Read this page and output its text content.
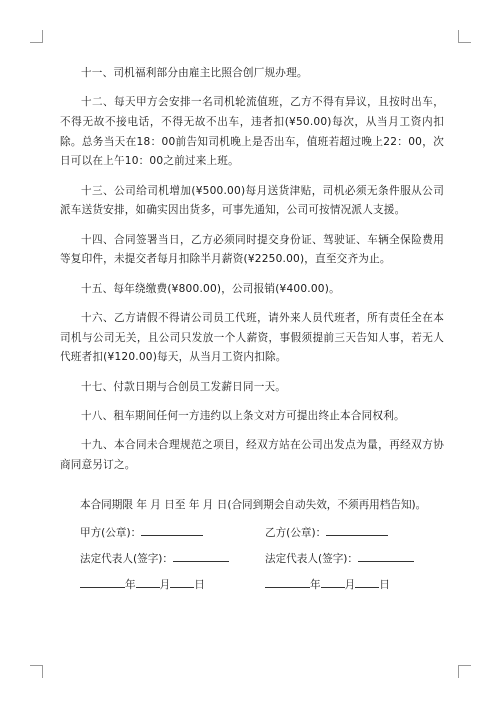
十一、司机福利部分由雇主比照合创厂规办理。

十二、每天甲方会安排一名司机轮流值班，乙方不得有异议，且按时出车，不得无故不接电话，不得无故不出车，违者扣(¥50.00)每次，从当月工资内扣除。总务当天在18：00前告知司机晚上是否出车，值班若超过晚上22：00，次日可以在上午10：00之前过来上班。

十三、公司给司机增加(¥500.00)每月送货津贴，司机必须无条件服从公司派车送货安排，如确实因出货多，可事先通知，公司可按情况派人支援。

十四、合同签署当日，乙方必须同时提交身份证、驾驶证、车辆全保险费用等复印件，未提交者每月扣除半月薪资(¥2250.00)，直至交齐为止。

十五、每年绕缴费(¥800.00)，公司报销(¥400.00)。

十六、乙方请假不得请公司员工代班，请外来人员代班者，所有责任全在本司机与公司无关，且公司只发放一个人薪资，事假须提前三天告知人事，若无人代班者扣(¥120.00)每天，从当月工资内扣除。

十七、付款日期与合创员工发薪日同一天。

十八、租车期间任何一方违约以上条文对方可提出终止本合同权利。

十九、本合同未合理规范之项目，经双方站在公司出发点为量，再经双方协商同意另订之。

本合同期限 年 月 日至 年 月 日(合同到期会自动失效，不须再用档告知)。
甲方(公章)：	乙方(公章)：
法定代表人(签字)：	法定代表人(签字)：
年 月 日	年 月 日
